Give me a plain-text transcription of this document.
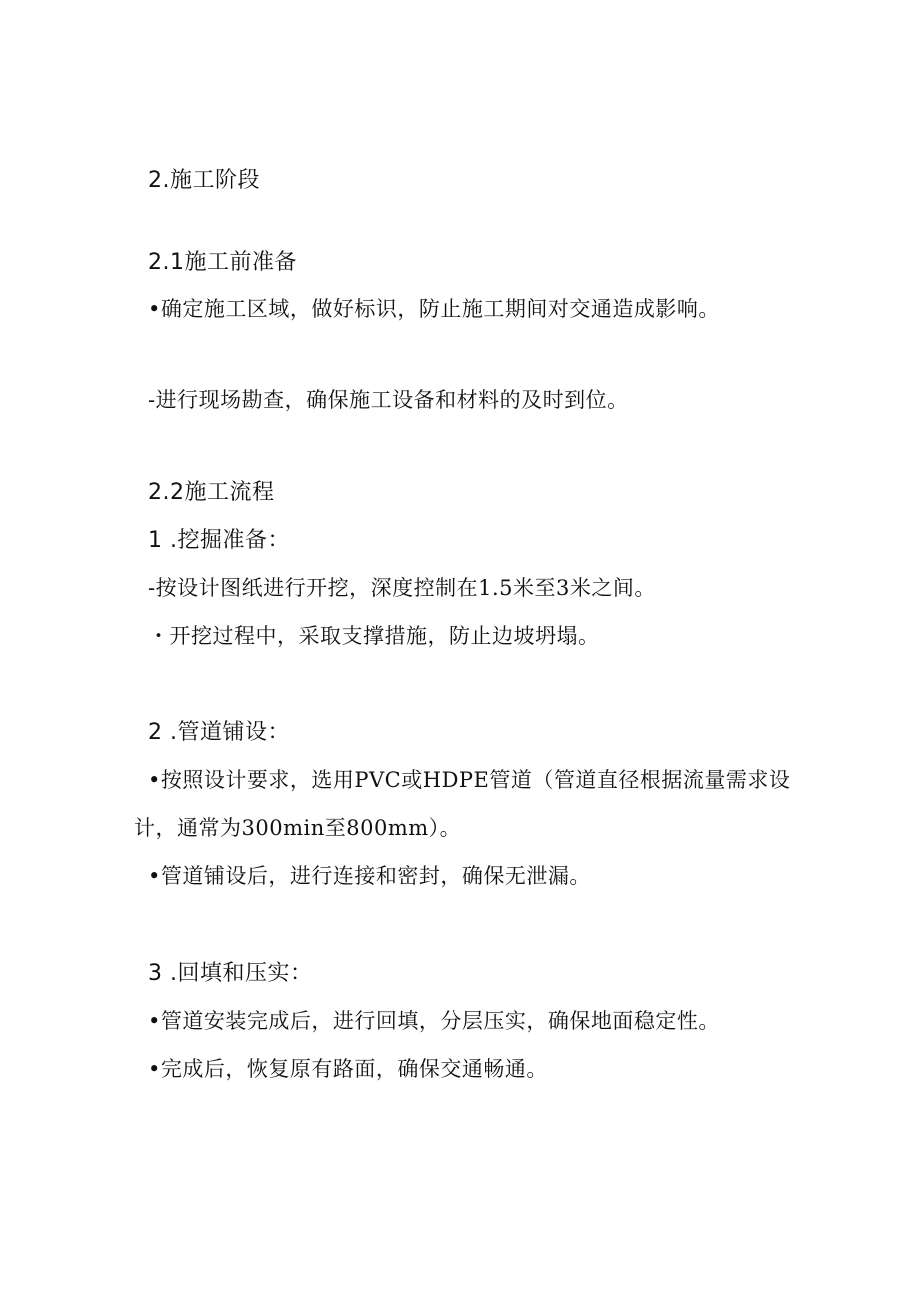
2.施工阶段
2.1施工前准备
•确定施工区域，做好标识，防止施工期间对交通造成影响。
-进行现场勘查，确保施工设备和材料的及时到位。
2.2施工流程
1 .挖掘准备：
-按设计图纸进行开挖，深度控制在1.5米至3米之间。
・开挖过程中，采取支撑措施，防止边坡坍塌。
2 .管道铺设：
•按照设计要求，选用PVC或HDPE管道（管道直径根据流量需求设
计，通常为300min至800mm）。
•管道铺设后，进行连接和密封，确保无泄漏。
3 .回填和压实：
•管道安装完成后，进行回填，分层压实，确保地面稳定性。
•完成后，恢复原有路面，确保交通畅通。
